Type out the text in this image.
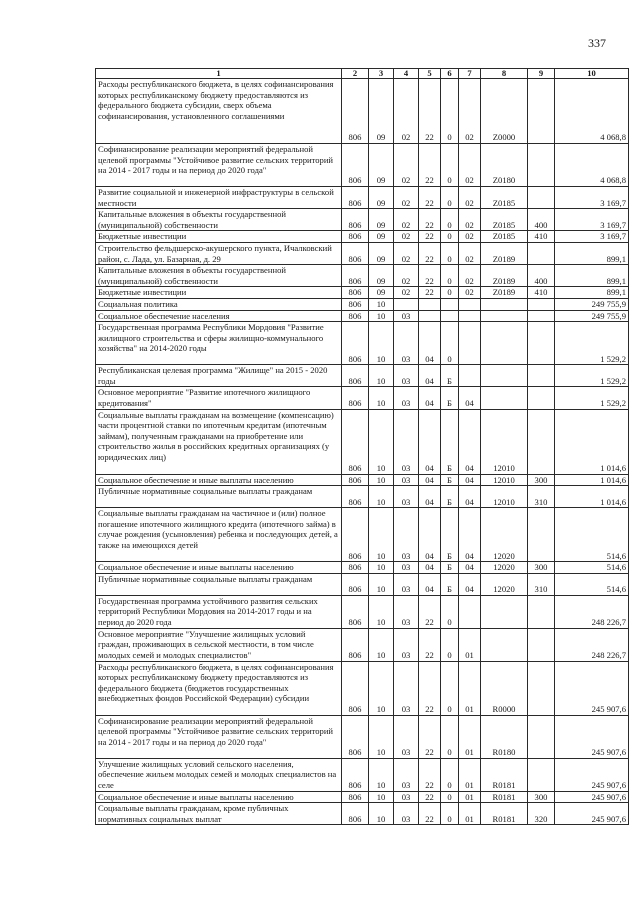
337
1	2	3	4	5	6	7	8	9	10
Расходы республиканского бюджета, в целях софинансирования которых республиканскому бюджету предоставляются из федерального бюджета субсидии, сверх объема софинансирования, установленного соглашениями	806	09	02	22	0	02	Z0000		4 068,8
Софинансирование реализации мероприятий федеральной целевой программы "Устойчивое развитие сельских территорий на 2014 - 2017 годы и на период до 2020 года"	806	09	02	22	0	02	Z0180		4 068,8
Развитие социальной и инженерной инфраструктуры в сельской местности	806	09	02	22	0	02	Z0185		3 169,7
Капитальные вложения в объекты государственной (муниципальной) собственности	806	09	02	22	0	02	Z0185	400	3 169,7
Бюджетные инвестиции	806	09	02	22	0	02	Z0185	410	3 169,7
Строительство фельдшерско-акушерского пункта, Ичалковский район, с. Лада, ул. Базарная, д. 29	806	09	02	22	0	02	Z0189		899,1
Капитальные вложения в объекты государственной (муниципальной) собственности	806	09	02	22	0	02	Z0189	400	899,1
Бюджетные инвестиции	806	09	02	22	0	02	Z0189	410	899,1
Социальная политика	806	10							249 755,9
Социальное обеспечение населения	806	10	03						249 755,9
Государственная программа Республики Мордовия "Развитие жилищного строительства и сферы жилищно-коммунального хозяйства" на 2014-2020 годы	806	10	03	04	0				1 529,2
Республиканская целевая программа "Жилище" на 2015 - 2020 годы	806	10	03	04	Б				1 529,2
Основное мероприятие "Развитие ипотечного жилищного кредитования"	806	10	03	04	Б	04			1 529,2
Социальные выплаты гражданам на возмещение (компенсацию) части процентной ставки по ипотечным кредитам (ипотечным займам), полученным гражданами на приобретение или строительство жилья в российских кредитных организациях (у юридических лиц)	806	10	03	04	Б	04	12010		1 014,6
Социальное обеспечение и иные выплаты населению	806	10	03	04	Б	04	12010	300	1 014,6
Публичные нормативные социальные выплаты гражданам	806	10	03	04	Б	04	12010	310	1 014,6
Социальные выплаты гражданам на частичное и (или) полное погашение ипотечного жилищного кредита (ипотечного займа) в случае рождения (усыновления) ребенка и последующих детей, а также на имеющихся детей	806	10	03	04	Б	04	12020		514,6
Социальное обеспечение и иные выплаты населению	806	10	03	04	Б	04	12020	300	514,6
Публичные нормативные социальные выплаты гражданам	806	10	03	04	Б	04	12020	310	514,6
Государственная программа устойчивого развития сельских территорий Республики Мордовия на 2014-2017 годы и на период до 2020 года	806	10	03	22	0				248 226,7
Основное мероприятие "Улучшение жилищных условий граждан, проживающих в сельской местности, в том числе молодых семей и молодых специалистов"	806	10	03	22	0	01			248 226,7
Расходы республиканского бюджета, в целях софинансирования которых республиканскому бюджету предоставляются из федерального бюджета (бюджетов государственных внебюджетных фондов Российской Федерации) субсидии	806	10	03	22	0	01	R0000		245 907,6
Софинансирование реализации мероприятий федеральной целевой программы "Устойчивое развитие сельских территорий на 2014 - 2017 годы и на период до 2020 года"	806	10	03	22	0	01	R0180		245 907,6
Улучшение жилищных условий сельского населения, обеспечение жильем молодых семей и молодых специалистов на селе	806	10	03	22	0	01	R0181		245 907,6
Социальное обеспечение и иные выплаты населению	806	10	03	22	0	01	R0181	300	245 907,6
Социальные выплаты гражданам, кроме публичных нормативных социальных выплат	806	10	03	22	0	01	R0181	320	245 907,6
